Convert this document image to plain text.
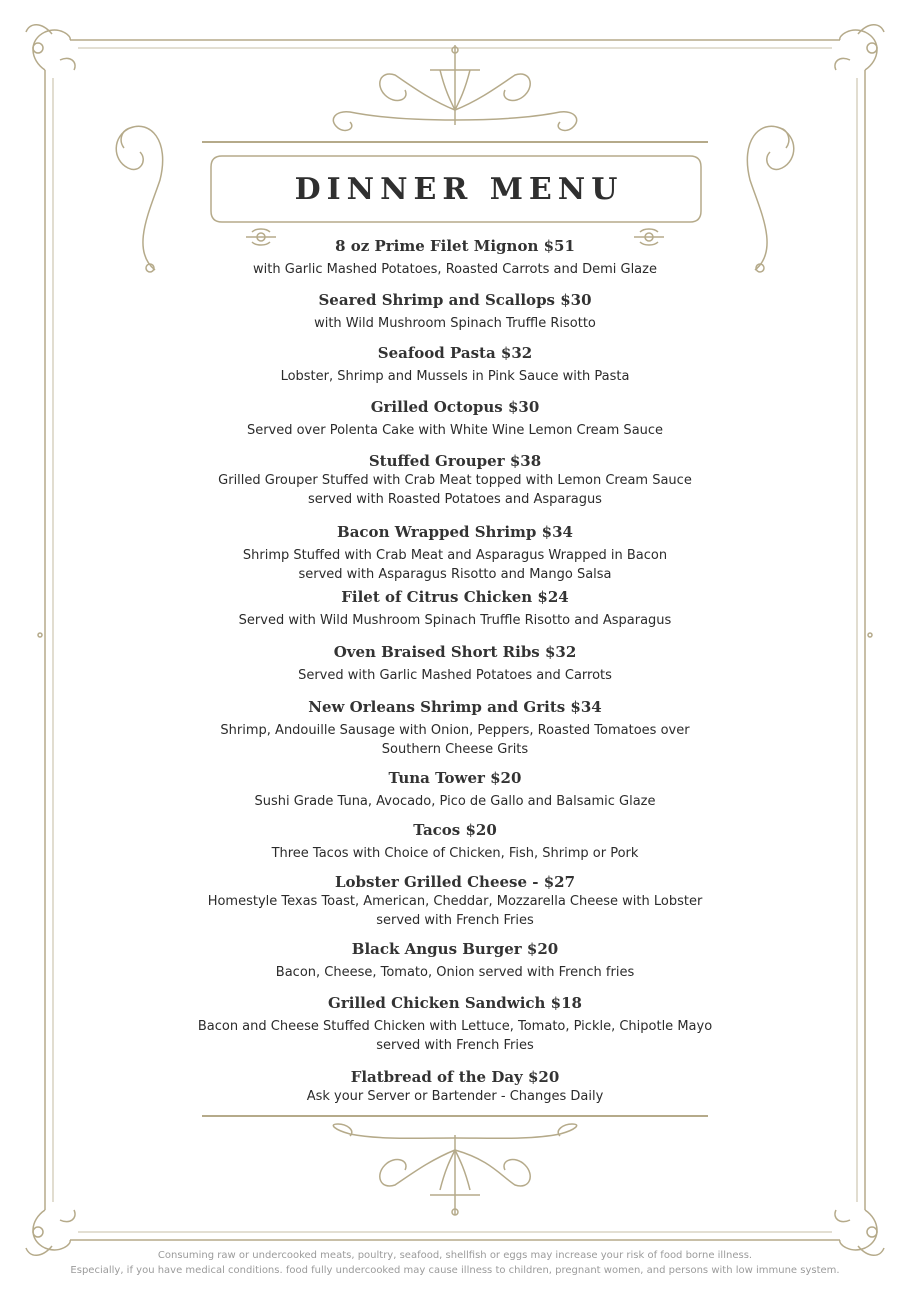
DINNER MENU
8 oz Prime Filet Mignon $51
with Garlic Mashed Potatoes, Roasted Carrots and Demi Glaze
Seared Shrimp and Scallops $30
with Wild Mushroom Spinach Truffle Risotto
Seafood Pasta $32
Lobster, Shrimp and Mussels in Pink Sauce with Pasta
Grilled Octopus $30
Served over Polenta Cake with White Wine Lemon Cream Sauce
Stuffed Grouper $38
Grilled Grouper Stuffed with Crab Meat topped with Lemon Cream Sauce
served with Roasted Potatoes and Asparagus
Bacon Wrapped Shrimp $34
Shrimp Stuffed with Crab Meat and Asparagus Wrapped in Bacon
served with Asparagus Risotto and Mango Salsa
Filet of Citrus Chicken $24
Served with Wild Mushroom Spinach Truffle Risotto and Asparagus
Oven Braised Short Ribs $32
Served with Garlic Mashed Potatoes and Carrots
New Orleans Shrimp and Grits $34
Shrimp, Andouille Sausage with Onion, Peppers, Roasted Tomatoes over
Southern Cheese Grits
Tuna Tower $20
Sushi Grade Tuna, Avocado, Pico de Gallo and Balsamic Glaze
Tacos $20
Three Tacos with Choice of Chicken, Fish, Shrimp or Pork
Lobster Grilled Cheese - $27
Homestyle Texas Toast, American, Cheddar, Mozzarella Cheese with Lobster
served with French Fries
Black Angus Burger $20
Bacon, Cheese, Tomato, Onion served with French fries
Grilled Chicken Sandwich $18
Bacon and Cheese Stuffed Chicken with Lettuce, Tomato, Pickle, Chipotle Mayo
served with French Fries
Flatbread of the Day $20
Ask your Server or Bartender - Changes Daily
Consuming raw or undercooked meats, poultry, seafood, shellfish or eggs may increase your risk of food borne illness.
Especially, if you have medical conditions. food fully undercooked may cause illness to children, pregnant women, and persons with low immune system.
